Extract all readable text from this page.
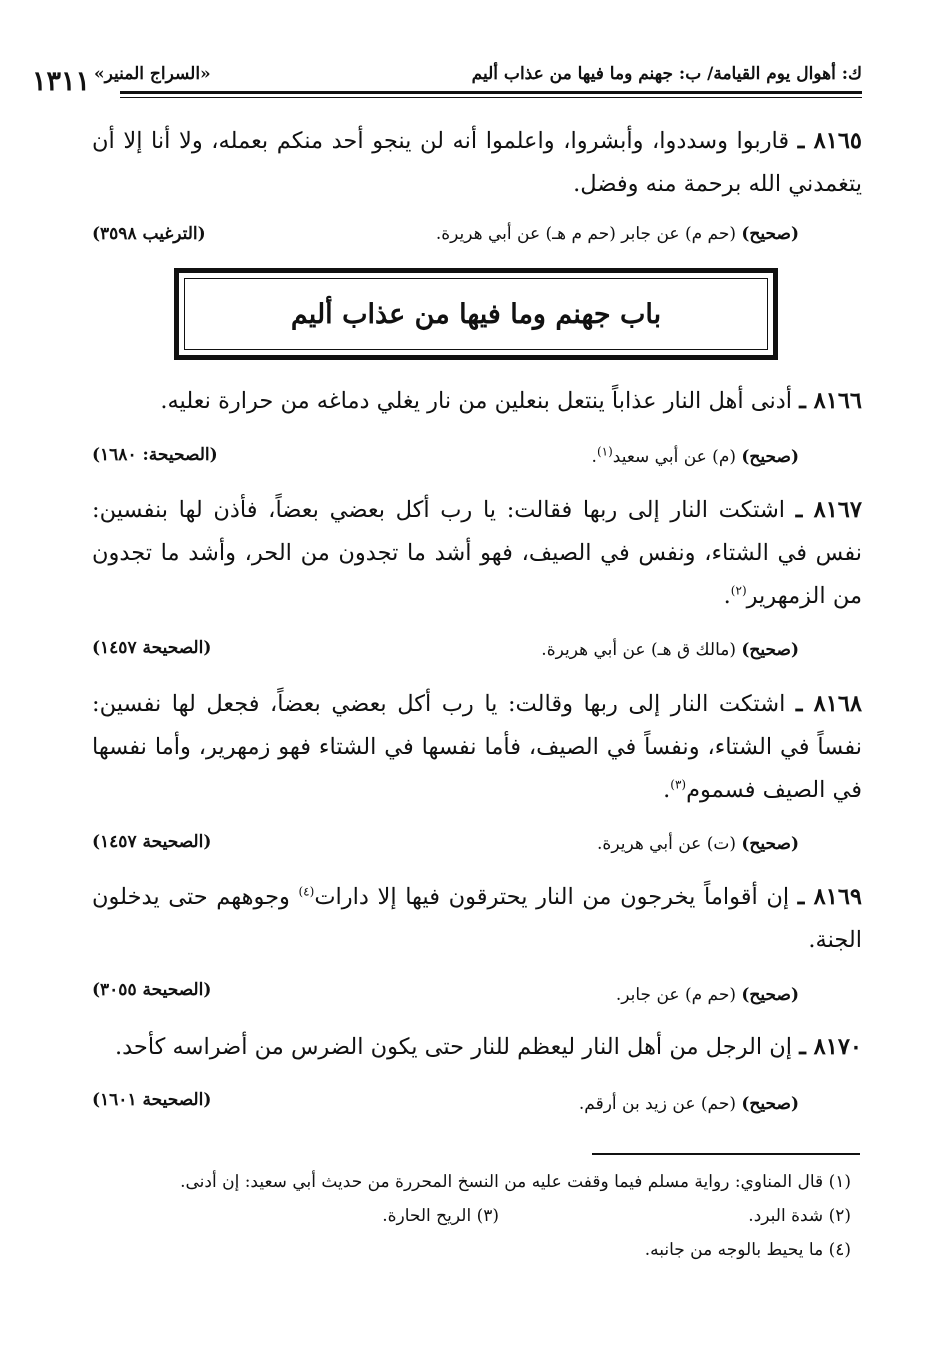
١٣١١ «السراج المنير»	ك: أهوال يوم القيامة/ ب: جهنم وما فيها من عذاب أليم
٨١٦٥ ـ قاربوا وسددوا، وأبشروا، واعلموا أنه لن ينجو أحد منكم بعمله، ولا أنا إلا أن يتغمدني الله برحمة منه وفضل.
(صحيح) (حم م) عن جابر (حم م هـ) عن أبي هريرة.
(الترغيب ٣٥٩٨)
باب جهنم وما فيها من عذاب أليم
٨١٦٦ ـ أدنى أهل النار عذاباً ينتعل بنعلين من نار يغلي دماغه من حرارة نعليه.
(صحيح) (م) عن أبي سعيد$^{(١)}$.
(الصحيحة: ١٦٨٠)
٨١٦٧ ـ اشتكت النار إلى ربها فقالت: يا رب أكل بعضي بعضاً، فأذن لها بنفسين: نفس في الشتاء، ونفس في الصيف، فهو أشد ما تجدون من الحر، وأشد ما تجدون من الزمهرير$^{(٢)}$.
(صحيح) (مالك ق هـ) عن أبي هريرة.
(الصحيحة ١٤٥٧)
٨١٦٨ ـ اشتكت النار إلى ربها وقالت: يا رب أكل بعضي بعضاً، فجعل لها نفسين: نفساً في الشتاء، ونفساً في الصيف، فأما نفسها في الشتاء فهو زمهرير، وأما نفسها في الصيف فسموم$^{(٣)}$.
(صحيح) (ت) عن أبي هريرة.
(الصحيحة ١٤٥٧)
٨١٦٩ ـ إن أقواماً يخرجون من النار يحترقون فيها إلا دارات$^{(٤)}$ وجوههم حتى يدخلون الجنة.
(صحيح) (حم م) عن جابر.
(الصحيحة ٣٠٥٥)
٨١٧٠ ـ إن الرجل من أهل النار ليعظم للنار حتى يكون الضرس من أضراسه كأحد.
(صحيح) (حم) عن زيد بن أرقم.
(الصحيحة ١٦٠١)
(١) قال المناوي: رواية مسلم فيما وقفت عليه من النسخ المحررة من حديث أبي سعيد: إن أدنى.
(٢) شدة البرد.
(٣) الريح الحارة.
(٤) ما يحيط بالوجه من جانبه.
